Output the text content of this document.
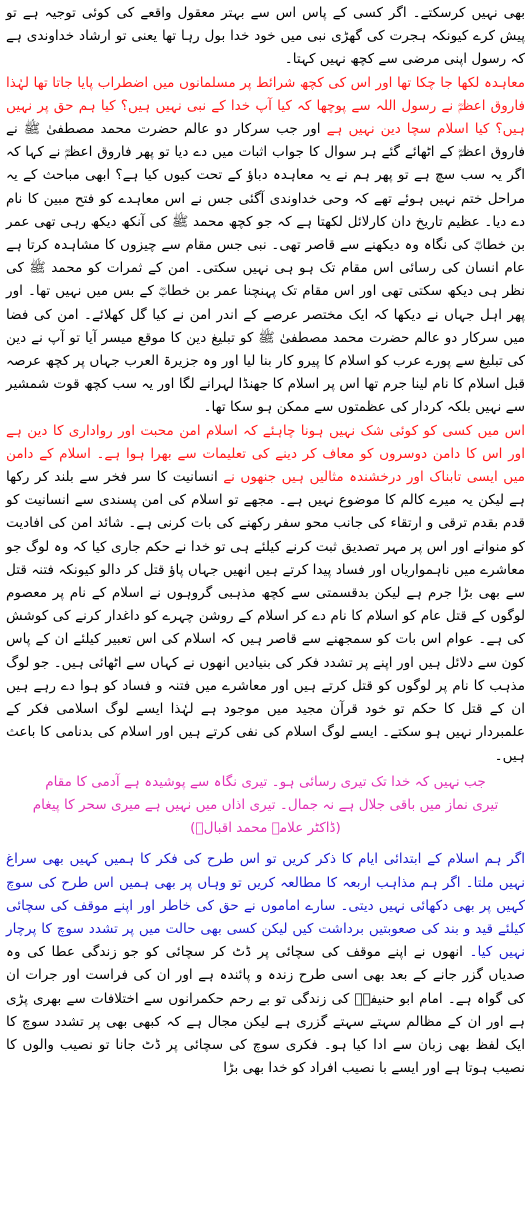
بھی نہیں کرسکتے۔ اگر کسی کے پاس اس سے بہتر معقول واقعے کی کوئی توجیہ ہے تو پیش کرے کیونکہ ہجرت کی گھڑی نبی میں خود خدا بول رہا تھا یعنی تو ارشاد خداوندی ہے کہ رسول اپنی مرضی سے کچھ نہیں کہتا۔

معاہدہ لکھا جا چکا تھا اور اس کی کچھ شرائط پر مسلمانوں میں اضطراب پایا جاتا تھا لہٰذا فاروق اعظمؓ نے رسول اللہ سے پوچھا کہ کیا آپ خدا کے نبی نہیں ہیں؟ کیا ہم حق پر نہیں ہیں؟ کیا اسلام سچا دین نہیں ہے اور جب سرکار دو عالم حضرت محمد مصطفیٰ ﷺ نے فاروق اعظمؓ کے اٹھائے گئے ہر سوال کا جواب اثبات میں دے دیا تو پھر فاروق اعظمؓ نے کہا کہ اگر یہ سب سچ ہے تو پھر ہم نے یہ معاہدہ دباؤ کے تحت کیوں کیا ہے؟ ابھی مباحث کے یہ مراحل ختم نہیں ہوئے تھے کہ وحی خداوندی آگئی جس نے اس معاہدے کو فتح مبین کا نام دے دیا۔ عظیم تاریخ دان کارلائل لکھتا ہے کہ جو کچھ محمد ﷺ کی آنکھ دیکھ رہی تھی عمر بن خطابؓ کی نگاہ وہ دیکھنے سے قاصر تھی۔ نبی جس مقام سے چیزوں کا مشاہدہ کرتا ہے عام انسان کی رسائی اس مقام تک ہو ہی نہیں سکتی۔ امن کے ثمرات کو محمد ﷺ کی نظر ہی دیکھ سکتی تھی اور اس مقام تک پہنچنا عمر بن خطابؓ کے بس میں نہیں تھا۔ اور پھر اہل جہاں نے دیکھا کہ ایک مختصر عرصے کے اندر امن نے کیا گل کھلائے۔ امن کی فضا میں سرکار دو عالم حضرت محمد مصطفیٰ ﷺ کو تبلیغ دین کا موقع میسر آیا تو آپ نے دین کی تبلیغ سے پورے عرب کو اسلام کا پیرو کار بنا لیا اور وہ جزیرۃ العرب جہاں پر کچھ عرصہ قبل اسلام کا نام لینا جرم تھا اس پر اسلام کا جھنڈا لہرانے لگا اور یہ سب کچھ قوت شمشیر سے نہیں بلکہ کردار کی عظمتوں سے ممکن ہو سکا تھا۔

اس میں کسی کو کوئی شک نہیں ہونا چاہئے کہ اسلام امن محبت اور رواداری کا دین ہے اور اس کا دامن دوسروں کو معاف کر دینے کی تعلیمات سے بھرا ہوا ہے۔ اسلام کے دامن میں ایسی تابناک اور درخشندہ مثالیں ہیں جنھوں نے انسانیت کا سر فخر سے بلند کر رکھا ہے لیکن یہ میرے کالم کا موضوع نہیں ہے۔ مجھے تو اسلام کی امن پسندی سے انسانیت کو قدم بقدم ترقی و ارتقاء کی جانب محو سفر رکھنے کی بات کرنی ہے۔ شائد امن کی افادیت کو منوانے اور اس پر مہر تصدیق ثبت کرنے کیلئے ہی تو خدا نے حکم جاری کیا کہ وہ لوگ جو معاشرے میں ناہمواریاں اور فساد پیدا کرتے ہیں انھیں جہاں پاؤ قتل کر دالو کیونکہ فتنہ قتل سے بھی بڑا جرم ہے لیکن بدقسمتی سے کچھ مذہبی گروہوں نے اسلام کے نام پر معصوم لوگوں کے قتل عام کو اسلام کا نام دے کر اسلام کے روشن چہرے کو داغدار کرنے کی کوشش کی ہے۔ عوام اس بات کو سمجھنے سے قاصر ہیں کہ اسلام کی اس تعبیر کیلئے ان کے پاس کون سے دلائل ہیں اور اپنے پر تشدد فکر کی بنیادیں انھوں نے کہاں سے اٹھائی ہیں۔ جو لوگ مذہب کا نام پر لوگوں کو قتل کرتے ہیں اور معاشرے میں فتنہ و فساد کو ہوا دے رہے ہیں ان کے قتل کا حکم تو خود قرآن مجید میں موجود ہے لہٰذا ایسے لوگ اسلامی فکر کے علمبردار نہیں ہو سکتے۔ ایسے لوگ اسلام کی نفی کرتے ہیں اور اسلام کی بدنامی کا باعث ہیں۔

جب نہیں کہ خدا تک تیری رسائی ہو۔ تیری نگاہ سے پوشیدہ ہے آدمی کا مقام

تیری نماز میں باقی جلال ہے نہ جمال۔ تیری اذاں میں نہیں ہے میری سحر کا پیغام

(ڈاکٹر علامہ محمد اقبالؒ)

اگر ہم اسلام کے ابتدائی ایام کا ذکر کریں تو اس طرح کی فکر کا ہمیں کہیں بھی سراغ نہیں ملتا۔ اگر ہم مذاہب اربعہ کا مطالعہ کریں تو وہاں پر بھی ہمیں اس طرح کی سوچ کہیں پر بھی دکھائی نہیں دیتی۔ سارے اماموں نے حق کی خاطر اور اپنے موقف کی سچائی کیلئے قید و بند کی صعوبتیں برداشت کیں لیکن کسی بھی حالت میں پر تشدد سوچ کا پرچار نہیں کیا۔ انھوں نے اپنے موقف کی سچائی پر ڈٹ کر سچائی کو جو زندگی عطا کی وہ صدیاں گزر جانے کے بعد بھی اسی طرح زندہ و پائندہ ہے اور ان کی فراست اور جرات ان کی گواہ ہے۔ امام ابو حنیفہؒ کی زندگی تو بے رحم حکمرانوں سے اختلافات سے بھری پڑی ہے اور ان کے مظالم سہتے سہتے گزری ہے لیکن مجال ہے کہ کبھی بھی پر تشدد سوچ کا ایک لفظ بھی زبان سے ادا کیا ہو۔ فکری سوچ کی سچائی پر ڈٹ جانا تو نصیب والوں کا نصیب ہوتا ہے اور ایسے با نصیب افراد کو خدا بھی بڑا
